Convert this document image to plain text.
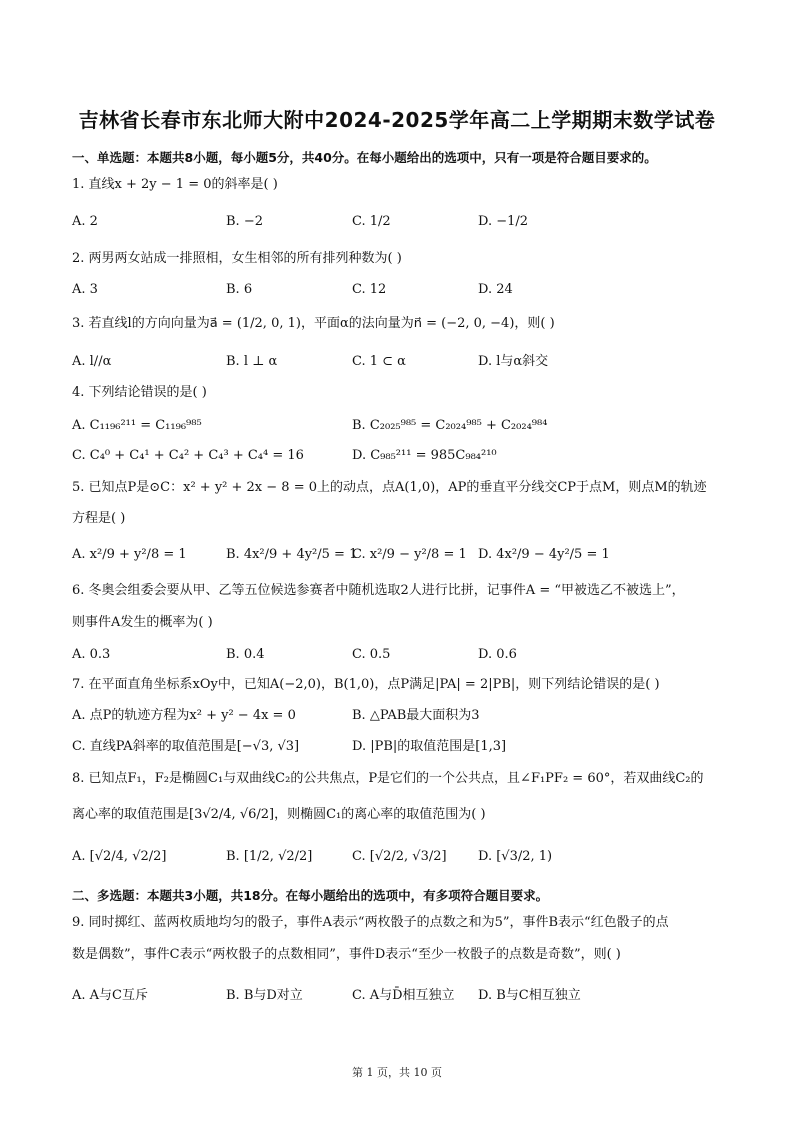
吉林省长春市东北师大附中2024-2025学年高二上学期期末数学试卷
一、单选题：本题共8小题，每小题5分，共40分。在每小题给出的选项中，只有一项是符合题目要求的。
1. 直线x + 2y − 1 = 0的斜率是( )
A. 2	B. −2	C. 1/2	D. −1/2
2. 两男两女站成一排照相，女生相邻的所有排列种数为( )
A. 3	B. 6	C. 12	D. 24
3. 若直线l的方向向量为a⃗ = (1/2, 0, 1)，平面α的法向量为n⃗ = (−2, 0, −4)，则( )
A. l//α	B. l ⊥ α	C. 1 ⊂ α	D. l与α斜交
4. 下列结论错误的是( )
A. C₁₁₉₆²¹¹ = C₁₁₉₆⁹⁸⁵	B. C₂₀₂₅⁹⁸⁵ = C₂₀₂₄⁹⁸⁵ + C₂₀₂₄⁹⁸⁴
C. C₄⁰ + C₄¹ + C₄² + C₄³ + C₄⁴ = 16	D. C₉₈₅²¹¹ = 985C₉₈₄²¹⁰
5. 已知点P是⊙C：x² + y² + 2x − 8 = 0上的动点，点A(1,0)，AP的垂直平分线交CP于点M，则点M的轨迹
方程是( )
A. x²/9 + y²/8 = 1	B. 4x²/9 + 4y²/5 = 1
C. x²/9 − y²/8 = 1 D. 4x²/9 − 4y²/5 = 1
6. 冬奥会组委会要从甲、乙等五位候选参赛者中随机选取2人进行比拼，记事件A = “甲被选乙不被选上”，
则事件A发生的概率为( )
A. 0.3	B. 0.4	C. 0.5	D. 0.6
7. 在平面直角坐标系xOy中，已知A(−2,0)，B(1,0)，点P满足|PA| = 2|PB|，则下列结论错误的是( )
A. 点P的轨迹方程为x² + y² − 4x = 0	B. △PAB最大面积为3
C. 直线PA斜率的取值范围是[−√3, √3]	D. |PB|的取值范围是[1,3]
8. 已知点F₁，F₂是椭圆C₁与双曲线C₂的公共焦点，P是它们的一个公共点，且∠F₁PF₂ = 60°，若双曲线C₂的
离心率的取值范围是[3√2/4, √6/2]，则椭圆C₁的离心率的取值范围为( )
A. [√2/4, √2/2]	B. [1/2, √2/2]	C. [√2/2, √3/2] D. [√3/2, 1)
二、多选题：本题共3小题，共18分。在每小题给出的选项中，有多项符合题目要求。
9. 同时掷红、蓝两枚质地均匀的骰子，事件A表示“两枚骰子的点数之和为5”，事件B表示“红色骰子的点
数是偶数”，事件C表示“两枚骰子的点数相同”，事件D表示“至少一枚骰子的点数是奇数”，则( )
A. A与C互斥	B. B与D对立	C. A与D̄相互独立 D. B与C相互独立
第 1 页，共 10 页
